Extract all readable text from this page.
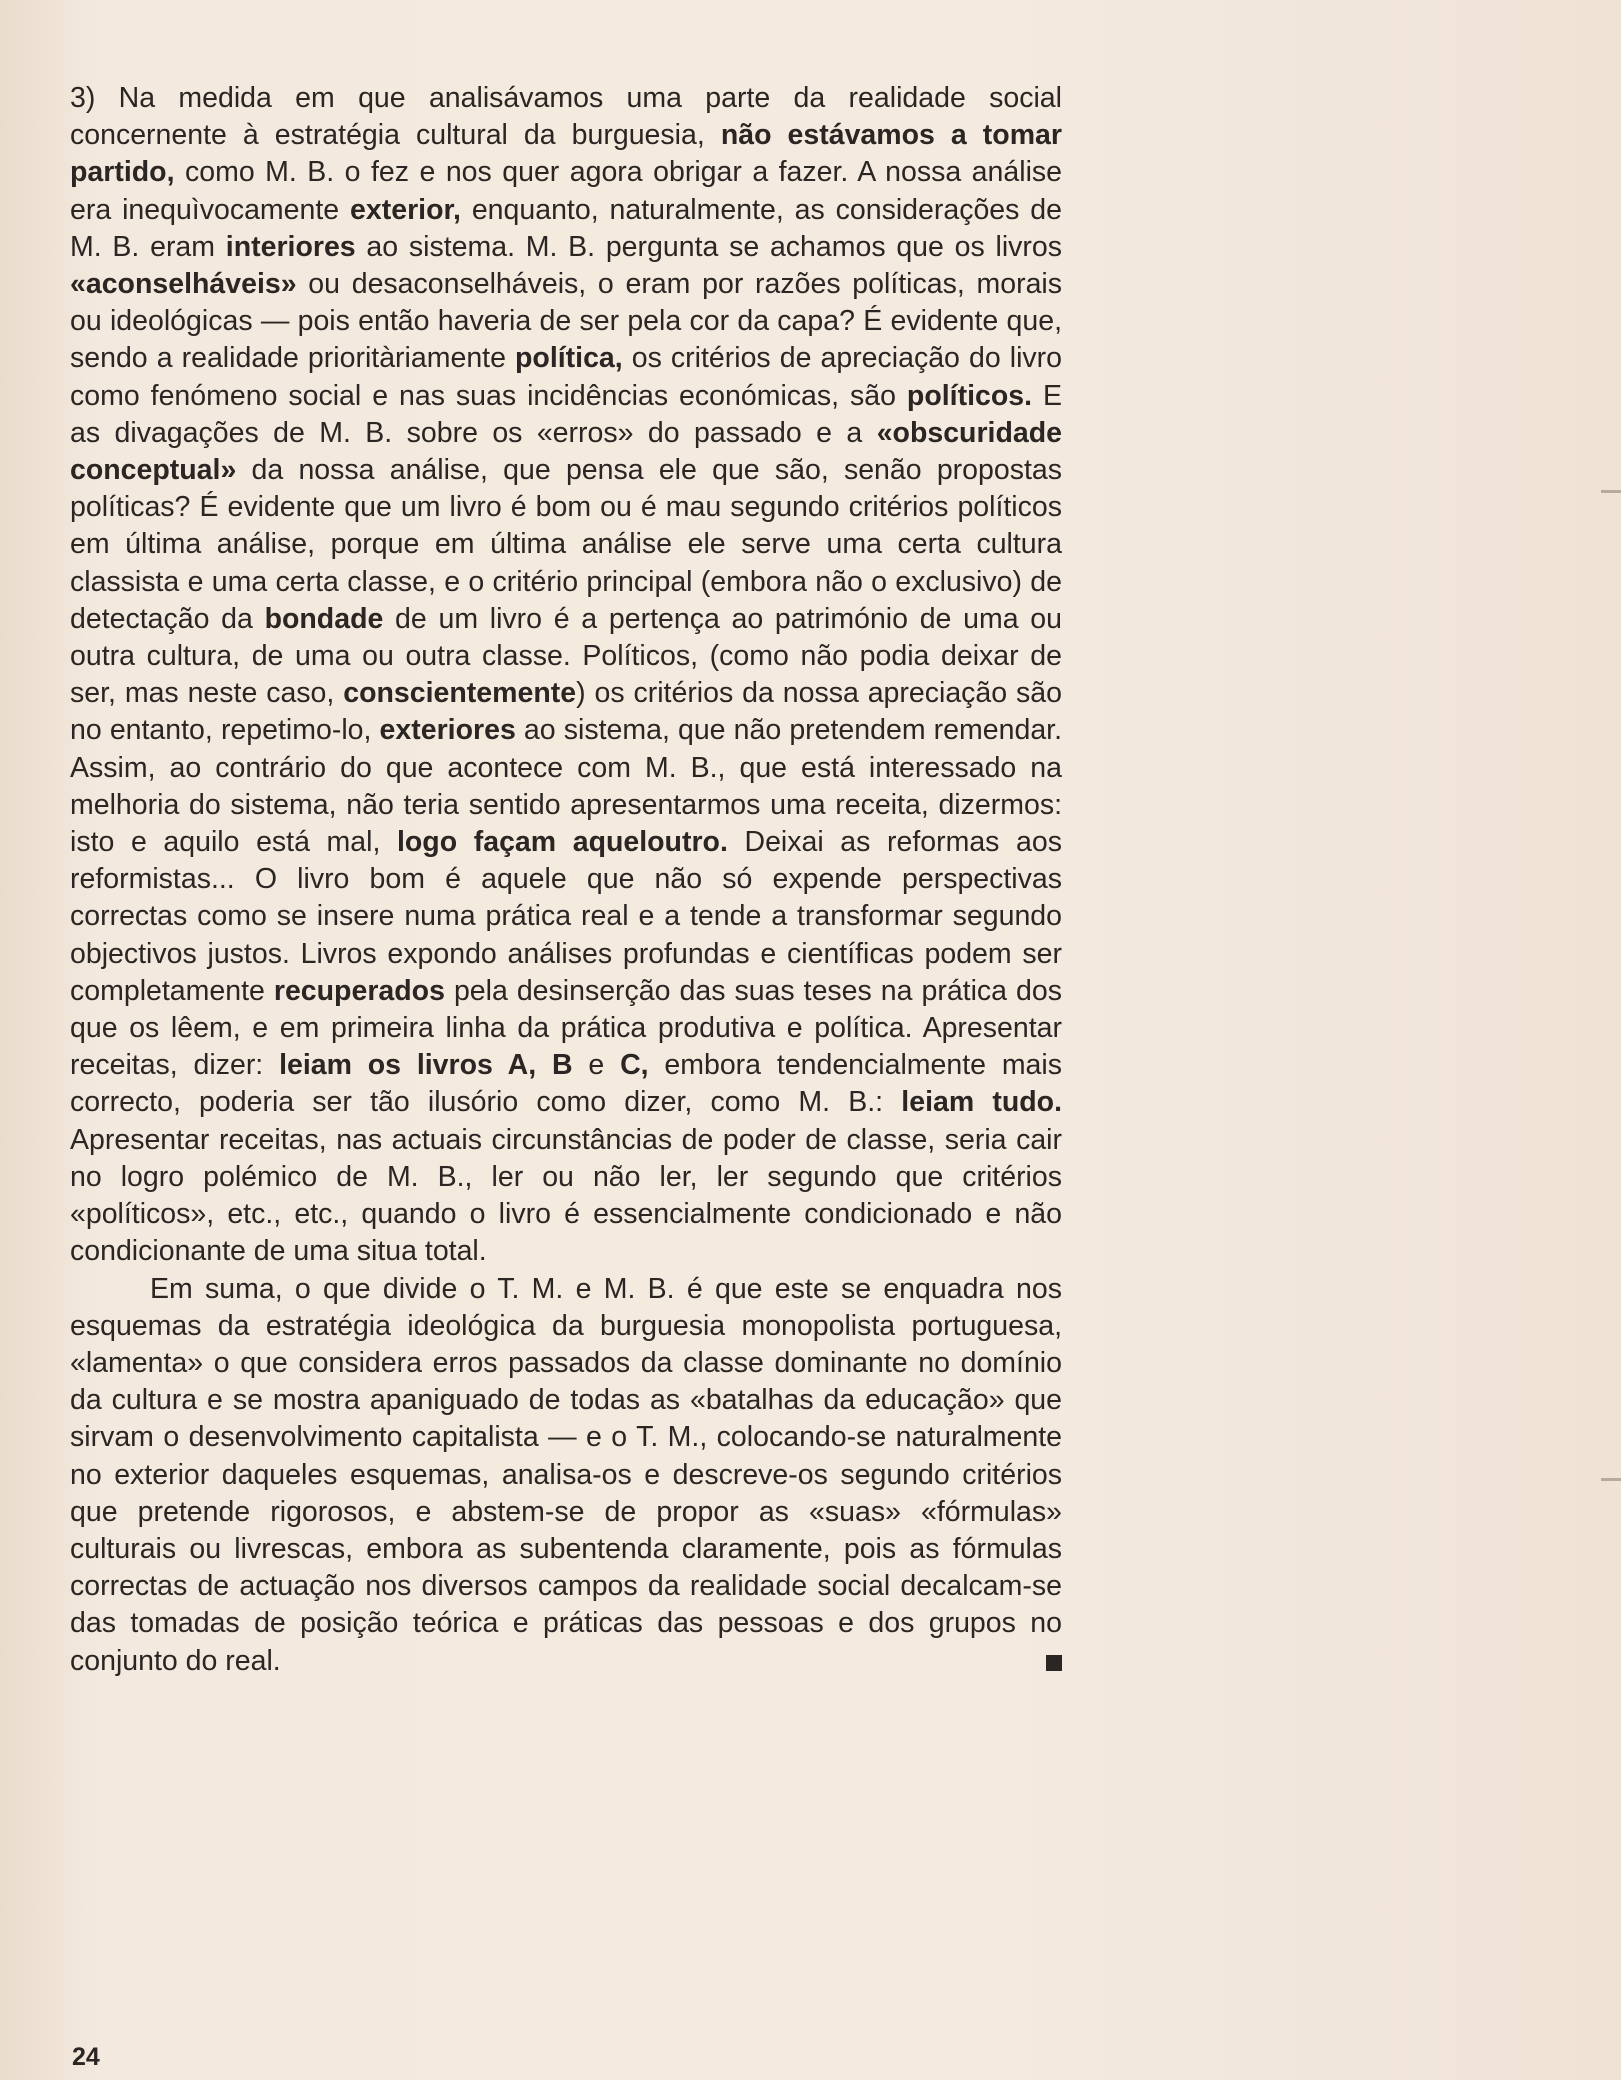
3) Na medida em que analisávamos uma parte da realidade social concernente à estratégia cultural da burguesia, não estávamos a tomar partido, como M. B. o fez e nos quer agora obrigar a fazer. A nossa análise era inequìvocamente exterior, enquanto, naturalmente, as considerações de M. B. eram interiores ao sistema. M. B. pergunta se achamos que os livros «aconselháveis» ou desaconselháveis, o eram por razões políticas, morais ou ideológicas — pois então haveria de ser pela cor da capa? É evidente que, sendo a realidade prioritàriamente política, os critérios de apreciação do livro como fenómeno social e nas suas incidências económicas, são políticos. E as divagações de M. B. sobre os «erros» do passado e a «obscuridade conceptual» da nossa análise, que pensa ele que são, senão propostas políticas? É evidente que um livro é bom ou é mau segundo critérios políticos em última análise, porque em última análise ele serve uma certa cultura classista e uma certa classe, e o critério principal (embora não o exclusivo) de detectação da bondade de um livro é a pertença ao património de uma ou outra cultura, de uma ou outra classe. Políticos, (como não podia deixar de ser, mas neste caso, conscientemente) os critérios da nossa apreciação são no entanto, repetimo-lo, exteriores ao sistema, que não pretendem remendar. Assim, ao contrário do que acontece com M. B., que está interessado na melhoria do sistema, não teria sentido apresentarmos uma receita, dizermos: isto e aquilo está mal, logo façam aqueloutro. Deixai as reformas aos reformistas... O livro bom é aquele que não só expende perspectivas correctas como se insere numa prática real e a tende a transformar segundo objectivos justos. Livros expondo análises profundas e científicas podem ser completamente recuperados pela desinserção das suas teses na prática dos que os lêem, e em primeira linha da prática produtiva e política. Apresentar receitas, dizer: leiam os livros A, B e C, embora tendencialmente mais correcto, poderia ser tão ilusório como dizer, como M. B.: leiam tudo. Apresentar receitas, nas actuais circunstâncias de poder de classe, seria cair no logro polémico de M. B., ler ou não ler, ler segundo que critérios «políticos», etc., etc., quando o livro é essencialmente condicionado e não condicionante de uma situa total.

Em suma, o que divide o T. M. e M. B. é que este se enquadra nos esquemas da estratégia ideológica da burguesia monopolista portuguesa, «lamenta» o que considera erros passados da classe dominante no domínio da cultura e se mostra apaniguado de todas as «batalhas da educação» que sirvam o desenvolvimento capitalista — e o T. M., colocando-se naturalmente no exterior daqueles esquemas, analisa-os e descreve-os segundo critérios que pretende rigorosos, e abstem-se de propor as «suas» «fórmulas» culturais ou livrescas, embora as subentenda claramente, pois as fórmulas correctas de actuação nos diversos campos da realidade social decalcam-se das tomadas de posição teórica e práticas das pessoas e dos grupos no conjunto do real.

24
